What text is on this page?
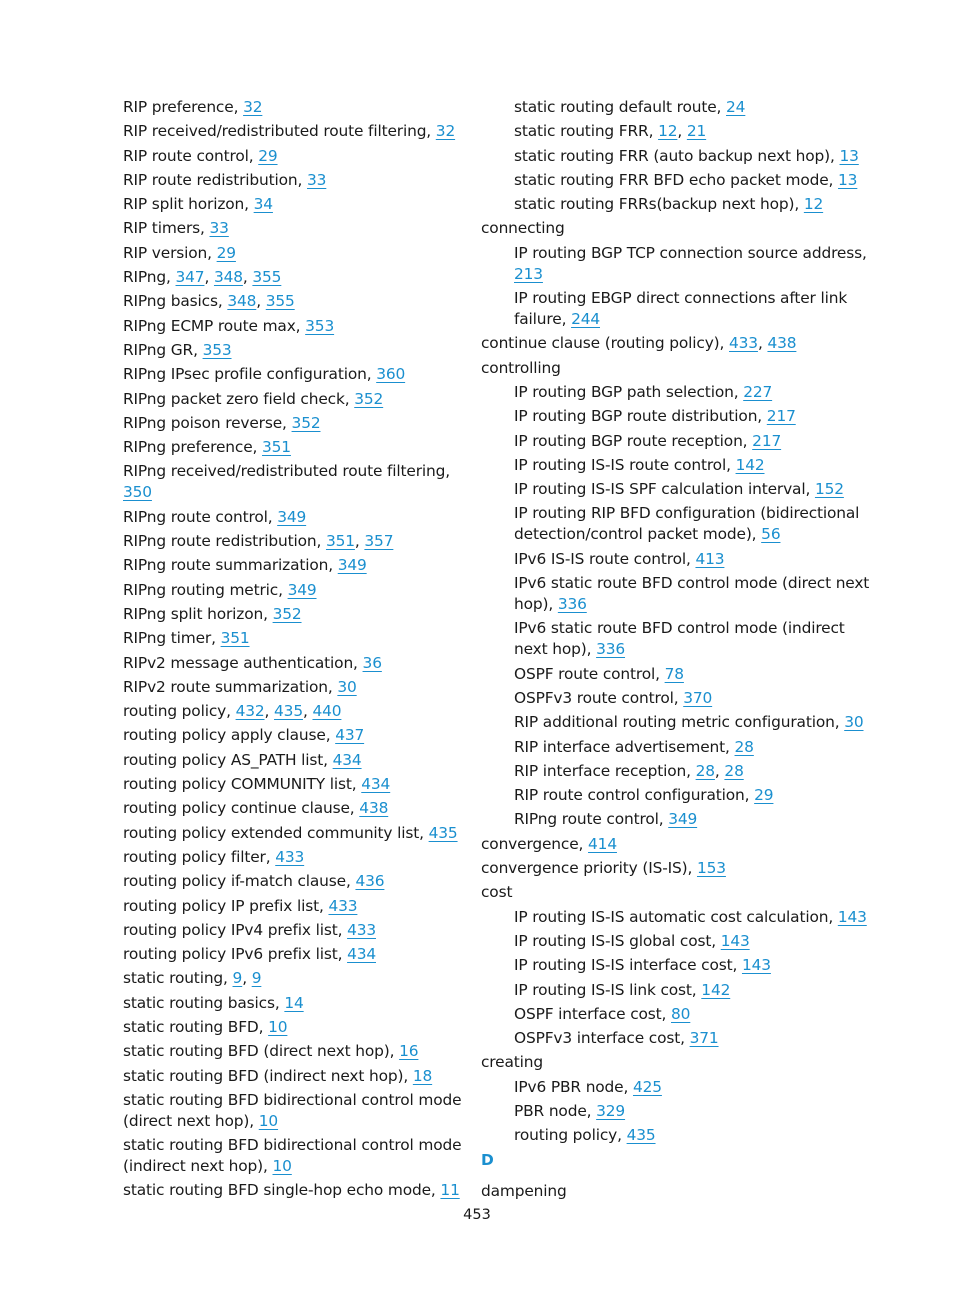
RIP preference, 32
RIP received/redistributed route filtering, 32
RIP route control, 29
RIP route redistribution, 33
RIP split horizon, 34
RIP timers, 33
RIP version, 29
RIPng, 347, 348, 355
RIPng basics, 348, 355
RIPng ECMP route max, 353
RIPng GR, 353
RIPng IPsec profile configuration, 360
RIPng packet zero field check, 352
RIPng poison reverse, 352
RIPng preference, 351
RIPng received/redistributed route filtering, 350
RIPng route control, 349
RIPng route redistribution, 351, 357
RIPng route summarization, 349
RIPng routing metric, 349
RIPng split horizon, 352
RIPng timer, 351
RIPv2 message authentication, 36
RIPv2 route summarization, 30
routing policy, 432, 435, 440
routing policy apply clause, 437
routing policy AS_PATH list, 434
routing policy COMMUNITY list, 434
routing policy continue clause, 438
routing policy extended community list, 435
routing policy filter, 433
routing policy if-match clause, 436
routing policy IP prefix list, 433
routing policy IPv4 prefix list, 433
routing policy IPv6 prefix list, 434
static routing, 9, 9
static routing basics, 14
static routing BFD, 10
static routing BFD (direct next hop), 16
static routing BFD (indirect next hop), 18
static routing BFD bidirectional control mode (direct next hop), 10
static routing BFD bidirectional control mode (indirect next hop), 10
static routing BFD single-hop echo mode, 11
static routing default route, 24
static routing FRR, 12, 21
static routing FRR (auto backup next hop), 13
static routing FRR BFD echo packet mode, 13
static routing FRRs(backup next hop), 12
connecting
IP routing BGP TCP connection source address, 213
IP routing EBGP direct connections after link failure, 244
continue clause (routing policy), 433, 438
controlling
IP routing BGP path selection, 227
IP routing BGP route distribution, 217
IP routing BGP route reception, 217
IP routing IS-IS route control, 142
IP routing IS-IS SPF calculation interval, 152
IP routing RIP BFD configuration (bidirectional detection/control packet mode), 56
IPv6 IS-IS route control, 413
IPv6 static route BFD control mode (direct next hop), 336
IPv6 static route BFD control mode (indirect next hop), 336
OSPF route control, 78
OSPFv3 route control, 370
RIP additional routing metric configuration, 30
RIP interface advertisement, 28
RIP interface reception, 28, 28
RIP route control configuration, 29
RIPng route control, 349
convergence, 414
convergence priority (IS-IS), 153
cost
IP routing IS-IS automatic cost calculation, 143
IP routing IS-IS global cost, 143
IP routing IS-IS interface cost, 143
IP routing IS-IS link cost, 142
OSPF interface cost, 80
OSPFv3 interface cost, 371
creating
IPv6 PBR node, 425
PBR node, 329
routing policy, 435
D
dampening
453
